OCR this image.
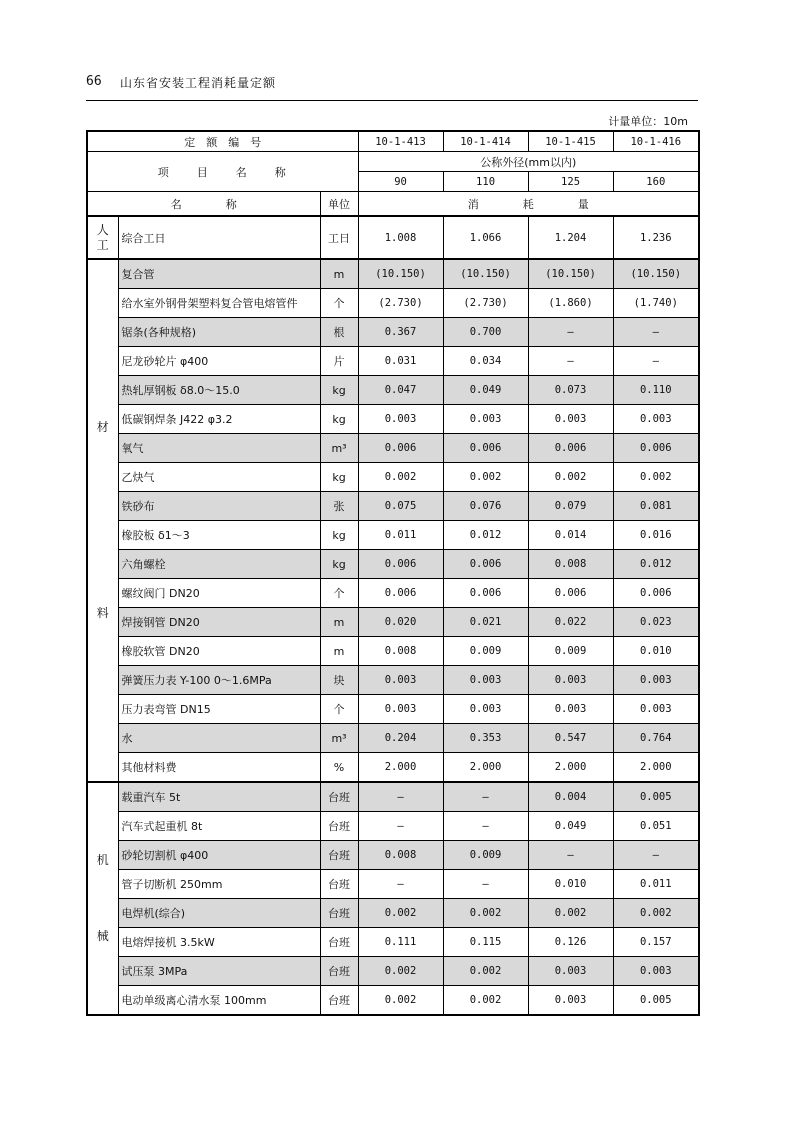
66 山东省安装工程消耗量定额
计量单位：10m
定　额　编　号			10-1-413	10-1-414	10-1-415	10-1-416
项　　目　　名　　称			公称外径(mm以内)			
			90	110	125	160
名　　　　称		单位	消　　　　耗　　　　量			

人
工	综合工日	工日	1.008	1.066	1.204	1.236

材
料	复合管	m	(10.150)	(10.150)	(10.150)	(10.150)
	给水室外钢骨架塑料复合管电熔管件	个	(2.730)	(2.730)	(1.860)	(1.740)
	锯条(各种规格)	根	0.367	0.700	—	—
	尼龙砂轮片 φ400	片	0.031	0.034	—	—
	热轧厚钢板 δ8.0～15.0	kg	0.047	0.049	0.073	0.110
	低碳钢焊条 J422 φ3.2	kg	0.003	0.003	0.003	0.003
	氧气	m³	0.006	0.006	0.006	0.006
	乙炔气	kg	0.002	0.002	0.002	0.002
	铁砂布	张	0.075	0.076	0.079	0.081
	橡胶板 δ1～3	kg	0.011	0.012	0.014	0.016
	六角螺栓	kg	0.006	0.006	0.008	0.012
	螺纹阀门 DN20	个	0.006	0.006	0.006	0.006
	焊接钢管 DN20	m	0.020	0.021	0.022	0.023
	橡胶软管 DN20	m	0.008	0.009	0.009	0.010
	弹簧压力表 Y-100 0～1.6MPa	块	0.003	0.003	0.003	0.003
	压力表弯管 DN15	个	0.003	0.003	0.003	0.003
	水	m³	0.204	0.353	0.547	0.764
	其他材料费	%	2.000	2.000	2.000	2.000

机
械	载重汽车 5t	台班	—	—	0.004	0.005
	汽车式起重机 8t	台班	—	—	0.049	0.051
	砂轮切割机 φ400	台班	0.008	0.009	—	—
	管子切断机 250mm	台班	—	—	0.010	0.011
	电焊机(综合)	台班	0.002	0.002	0.002	0.002
	电熔焊接机 3.5kW	台班	0.111	0.115	0.126	0.157
	试压泵 3MPa	台班	0.002	0.002	0.003	0.003
	电动单级离心清水泵 100mm	台班	0.002	0.002	0.003	0.005
